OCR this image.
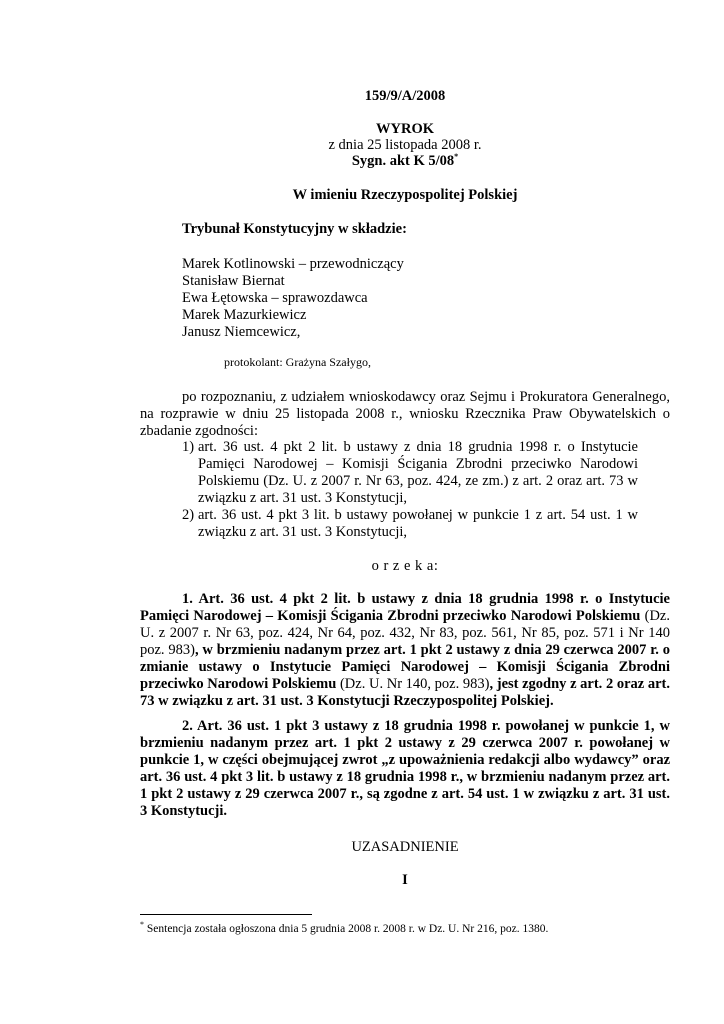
159/9/A/2008
WYROK
z dnia 25 listopada 2008 r.
Sygn. akt K 5/08*
W imieniu Rzeczypospolitej Polskiej
Trybunał Konstytucyjny w składzie:
Marek Kotlinowski – przewodniczący
Stanisław Biernat
Ewa Łętowska – sprawozdawca
Marek Mazurkiewicz
Janusz Niemcewicz,
protokolant: Grażyna Szałygo,
po rozpoznaniu, z udziałem wnioskodawcy oraz Sejmu i Prokuratora Generalnego,
na rozprawie w dniu 25 listopada 2008 r., wniosku Rzecznika Praw Obywatelskich o
zbadanie zgodności:
1) art. 36 ust. 4 pkt 2 lit. b ustawy z dnia 18 grudnia 1998 r. o Instytucie
Pamięci Narodowej – Komisji Ścigania Zbrodni przeciwko Narodowi
Polskiemu (Dz. U. z 2007 r. Nr 63, poz. 424, ze zm.) z art. 2 oraz art. 73 w
związku z art. 31 ust. 3 Konstytucji,
2) art. 36 ust. 4 pkt 3 lit. b ustawy powołanej w punkcie 1 z art. 54 ust. 1 w
związku z art. 31 ust. 3 Konstytucji,
o r z e k a:
1. Art. 36 ust. 4 pkt 2 lit. b ustawy z dnia 18 grudnia 1998 r. o Instytucie
Pamięci Narodowej – Komisji Ścigania Zbrodni przeciwko Narodowi Polskiemu (Dz.
U. z 2007 r. Nr 63, poz. 424, Nr 64, poz. 432, Nr 83, poz. 561, Nr 85, poz. 571 i Nr 140
poz. 983), w brzmieniu nadanym przez art. 1 pkt 2 ustawy z dnia 29 czerwca 2007 r. o
zmianie ustawy o Instytucie Pamięci Narodowej – Komisji Ścigania Zbrodni
przeciwko Narodowi Polskiemu (Dz. U. Nr 140, poz. 983), jest zgodny z art. 2 oraz art.
73 w związku z art. 31 ust. 3 Konstytucji Rzeczypospolitej Polskiej.
2. Art. 36 ust. 1 pkt 3 ustawy z 18 grudnia 1998 r. powołanej w punkcie 1, w
brzmieniu nadanym przez art. 1 pkt 2 ustawy z 29 czerwca 2007 r. powołanej w
punkcie 1, w części obejmującej zwrot „z upoważnienia redakcji albo wydawcy” oraz
art. 36 ust. 4 pkt 3 lit. b ustawy z 18 grudnia 1998 r., w brzmieniu nadanym przez art.
1 pkt 2 ustawy z 29 czerwca 2007 r., są zgodne z art. 54 ust. 1 w związku z art. 31 ust.
3 Konstytucji.
UZASADNIENIE
I
* Sentencja została ogłoszona dnia 5 grudnia 2008 r. 2008 r. w Dz. U. Nr 216, poz. 1380.
